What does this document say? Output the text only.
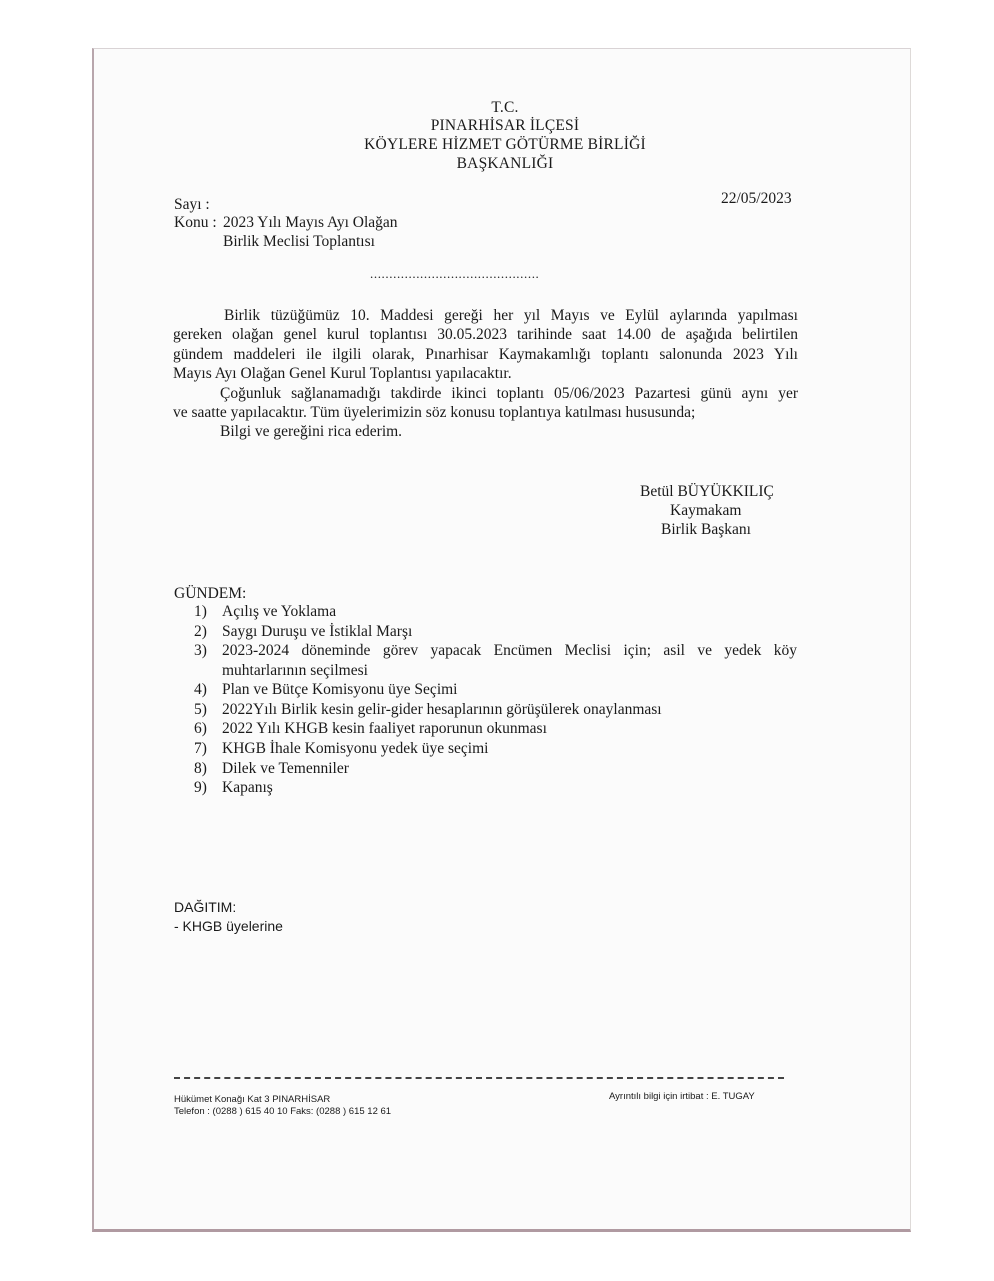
T.C.
PINARHİSAR İLÇESİ
KÖYLERE HİZMET GÖTÜRME BİRLİĞİ
BAŞKANLIĞI
Sayı :	22/05/2023
Konu : 2023 Yılı Mayıs Ayı Olağan
Birlik Meclisi Toplantısı
............................................

Birlik tüzüğümüz 10. Maddesi gereği her yıl Mayıs ve Eylül aylarında yapılması
gereken olağan genel kurul toplantısı 30.05.2023 tarihinde saat 14.00 de aşağıda belirtilen
gündem maddeleri ile ilgili olarak, Pınarhisar Kaymakamlığı toplantı salonunda 2023 Yılı
Mayıs Ayı Olağan Genel Kurul Toplantısı yapılacaktır.

Çoğunluk sağlanamadığı takdirde ikinci toplantı 05/06/2023 Pazartesi günü aynı yer
ve saatte yapılacaktır. Tüm üyelerimizin söz konusu toplantıya katılması hususunda;

Bilgi ve gereğini rica ederim.

Betül BÜYÜKKILIÇ
Kaymakam
Birlik Başkanı
GÜNDEM:
1) Açılış ve Yoklama
2) Saygı Duruşu ve İstiklal Marşı
3) 2023-2024 döneminde görev yapacak Encümen Meclisi için; asil ve yedek köy muhtarlarının seçilmesi
4) Plan ve Bütçe Komisyonu üye Seçimi
5) 2022Yılı Birlik kesin gelir-gider hesaplarının görüşülerek onaylanması
6) 2022 Yılı KHGB kesin faaliyet raporunun okunması
7) KHGB İhale Komisyonu yedek üye seçimi
8) Dilek ve Temenniler
9) Kapanış
DAĞITIM:
- KHGB üyelerine
Hükümet Konağı Kat 3 PINARHİSAR
Telefon : (0288 ) 615 40 10 Faks: (0288 ) 615 12 61
Ayrıntılı bilgi için irtibat : E. TUGAY
